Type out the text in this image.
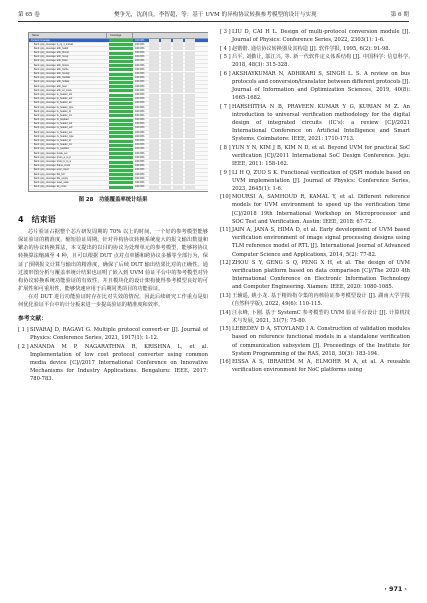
第 65 卷	樊争光，沈润良，李智超，等：基于 UVM 的异构协议转换参考模型的设计与实现	第 6 期
Name	Coverage
Current Coverage	100.00%
$unit::gcp_coverage::p_cg_1_instsat	100.00%
$unit::gcp_coverage::ahb_haddr	100.00%
$unit::gcp_coverage::ahb_hburst	100.00%
$unit::gcp_coverage::ahb_hresp	100.00%
$unit::gcp_coverage::ahb_hsize	100.00%
$unit::gcp_coverage::ahb_htrans	100.00%
$unit::gcp_coverage::ahb_hwrite	100.00%
$unit::gcp_coverage::ahb_hready	100.00%
$unit::gcp_coverage::ahb_hwdata	100.00%
$unit::gcp_coverage::ahb_hrdata	100.00%
$unit::gcp_coverage::ahb_hsel	100.00%
$unit::gcp_coverage::ahb_wr_cross	100.00%
$unit::gcp_coverage::tx_header_sof	100.00%
$unit::gcp_coverage::tx_header_eof	100.00%
$unit::gcp_coverage::tx_header_len	100.00%
$unit::gcp_coverage::tx_header_type	100.00%
$unit::gcp_coverage::tx_header_id	100.00%
$unit::gcp_coverage::tx_header_crc	100.00%
$unit::gcp_coverage::tx_payload	100.00%
$unit::gcp_coverage::rx_header_sof	100.00%
$unit::gcp_coverage::rx_header_eof	100.00%
$unit::gcp_coverage::rx_header_len	100.00%
$unit::gcp_coverage::rx_header_type	100.00%
$unit::gcp_coverage::rx_header_id	100.00%
$unit::gcp_coverage::rx_header_crc	100.00%
$unit::gcp_coverage::rx_payload	100.00%
$unit::gcp_coverage::mode_sel	100.00%
$unit::gcp_coverage::proto_a_to_b	100.00%
$unit::gcp_coverage::proto_b_to_a	100.00%
$unit::gcp_coverage::frame_cross	100.00%
$unit::gcp_coverage::error_inject	100.00%
$unit::gcp_coverage::fifo_full	100.00%
$unit::gcp_coverage::fifo_empty	100.00%
$unit::gcp_coverage::reset_state	100.00%
$unit::gcp_coverage::all_cross	100.00%
图 28　功能覆盖率统计结果
4　结束语

芯片验证占据整个芯片研发周期的 70% 以上的时间，一个好的参考模型能够保证验证的精准度，缩短验证周期。针对异构协议转换系统庞大的报文输出数量和繁杂的协议转换算法，本文提出的以目的协议为处理单元的参考模型，能够将协议转换算法缩减至 4 种，且可以根据 DUT 点对点单播和跨协议多播等全部行为，保证了预期报文计算与输出的精准度，确保了后续 DUT 输出结果比对的正确性。通过波形图分析与覆盖率统计结果也证明了嵌入到 UVM 验证平台中的参考模型对异构协议转换系统功能验证的有效性，并且模块化的设计架构使得参考模型良好的可扩展性和可重用性，能够快速应用于后期同类项目的功能验证。

在对 DUT 进行功能验证时存在比对失效的情况，因此后续研究工作重点是如何优化验证平台中的计分板来进一步提高验证的精准度和效率。

参考文献：
[ 1 ] SIVARAJ D, RAGAVI G. Multiple protocol convert-er [J]. Journal of Physics: Conference Series, 2021, 1917(1): 1-12.
[ 2 ] ANANDA M P, NAGARATHNA R, KRISHNA L, et al. Implementation of low cost protocol converter using common media device [C]//2017 International Conference on Innovative Mechanisms for Industry Applications. Bengaluru: IEEE, 2017: 780-783.
[ 3 ] LIU D, CAI H L. Design of multi-protocol conversion module [J]. Journal of Physics: Conference Series, 2022, 2303(1): 1-6.
[ 4 ] 赵锴锴. 通信协议转换器及其构造 [J]. 软件学报, 1995, 6(2): 91-98.
[ 5 ] 吕平, 刘勤让, 邬江兴, 等. 新一代软件定义体系结构 [J]. 中国科学: 信息科学, 2018, 48(3): 315-328.
[ 6 ] AKSHAYKUMAR N, ADHIKARI S, SINGH L. S. A review on bus protocols and conversion/translator between different protocols [J]. Journal of Information and Optimization Sciences, 2019, 40(8): 1665-1682.
[ 7 ] HARSHITHA N B, PRAVEEN KUMAR Y G, KURIAN M Z. An introduction to universal verification methodology for the digital design of integrated circuits (IC's): a review [C]//2021 International Conference on Artificial Intelligence and Smart Systems. Coimbatore: IEEE, 2021: 1710-1713.
[ 8 ] YUN Y N, KIM J B, KIM N D, et al. Beyond UVM for practical SoC verification [C]//2011 International SoC Design Conference. Jeju: IEEE, 2011: 158-162.
[ 9 ] LI H Q, ZUO S K. Functional verification of QSPI module based on UVM implementation [J]. Journal of Physics: Conference Series, 2023, 2645(1): 1-6.
[10] MOURSI A, SAMHOUD R, KAMAL Y, et al. Different reference models for UVM environment to speed up the verification time [C]//2018 19th International Workshop on Microprocessor and SOC Test and Verification. Austin: IEEE, 2018: 67-72.
[11] JAIN A, JANA S, HIMA D, et al. Early development of UVM based verification environment of image signal processing designs using TLM reference model of RTL [J]. International Journal of Advanced Computer Science and Applications, 2014, 5(2): 77-82.
[12] ZHOU S Y, GENG S Q, PENG X H, et al. The design of UVM verification platform based on data comparison [C]//The 2020 4th International Conference on Electronic Information Technology and Computer Engineering. Xiamen: IEEE, 2020: 1080-1085.
[13] 王辅遥, 姚小龙. 基于精简指令集的内核验证参考模型设计 [J]. 湖南大学学报 (自然科学版), 2022, 49(6): 110-115.
[14] 汪永峰, 卜刚. 基于 SystemC 参考模型的 UVM 验证平台设计 [J]. 计算机技术与发展, 2021, 31(7): 75-80.
[15] LEBEDEV D A, STOYLAND I A. Construction of validation modules based on reference functional models in a standalone verification of communication subsystem [J]. Proceedings of the Institute for System Programming of the RAS, 2018, 30(3): 183-194.
[16] EISSA A S, IBRAHEM M A, ELMOHR M A, et al. A reusable verification environment for NoC platforms using
· 971 ·
